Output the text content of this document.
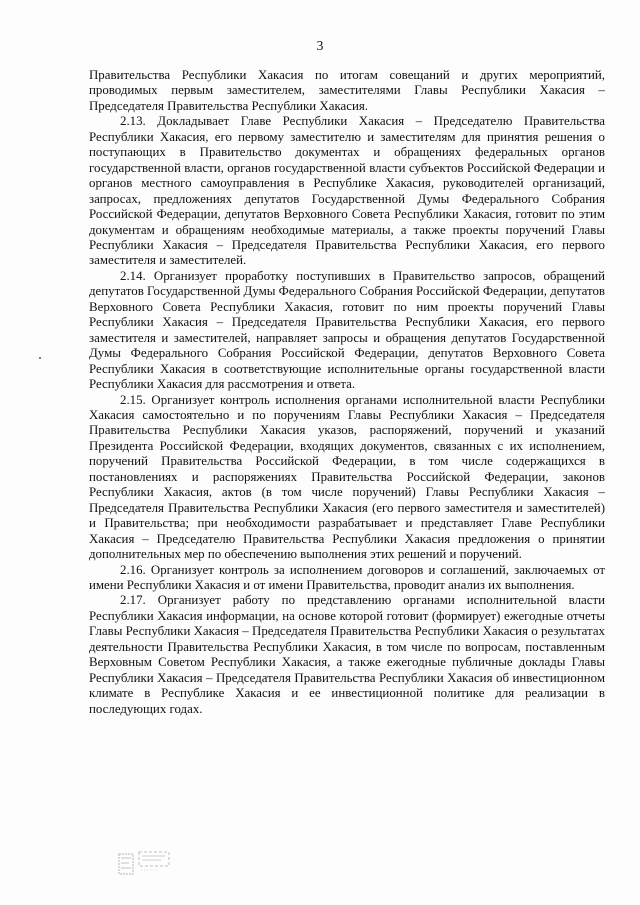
3

Правительства Республики Хакасия по итогам совещаний и других мероприятий, проводимых первым заместителем, заместителями Главы Республики Хакасия – Председателя Правительства Республики Хакасия.

2.13. Докладывает Главе Республики Хакасия – Председателю Правительства Республики Хакасия, его первому заместителю и заместителям для принятия решения о поступающих в Правительство документах и обращениях федеральных органов государственной власти, органов государственной власти субъектов Российской Федерации и органов местного самоуправления в Республике Хакасия, руководителей организаций, запросах, предложениях депутатов Государственной Думы Федерального Собрания Российской Федерации, депутатов Верховного Совета Республики Хакасия, готовит по этим документам и обращениям необходимые материалы, а также проекты поручений Главы Республики Хакасия – Председателя Правительства Республики Хакасия, его первого заместителя и заместителей.

2.14. Организует проработку поступивших в Правительство запросов, обращений депутатов Государственной Думы Федерального Собрания Российской Федерации, депутатов Верховного Совета Республики Хакасия, готовит по ним проекты поручений Главы Республики Хакасия – Председателя Правительства Республики Хакасия, его первого заместителя и заместителей, направляет запросы и обращения депутатов Государственной Думы Федерального Собрания Российской Федерации, депутатов Верховного Совета Республики Хакасия в соответствующие исполнительные органы государственной власти Республики Хакасия для рассмотрения и ответа.

2.15. Организует контроль исполнения органами исполнительной власти Республики Хакасия самостоятельно и по поручениям Главы Республики Хакасия – Председателя Правительства Республики Хакасия указов, распоряжений, поручений и указаний Президента Российской Федерации, входящих документов, связанных с их исполнением, поручений Правительства Российской Федерации, в том числе содержащихся в постановлениях и распоряжениях Правительства Российской Федерации, законов Республики Хакасия, актов (в том числе поручений) Главы Республики Хакасия – Председателя Правительства Республики Хакасия (его первого заместителя и заместителей) и Правительства; при необходимости разрабатывает и представляет Главе Республики Хакасия – Председателю Правительства Республики Хакасия предложения о принятии дополнительных мер по обеспечению выполнения этих решений и поручений.

2.16. Организует контроль за исполнением договоров и соглашений, заключаемых от имени Республики Хакасия и от имени Правительства, проводит анализ их выполнения.

2.17. Организует работу по представлению органами исполнительной власти Республики Хакасия информации, на основе которой готовит (формирует) ежегодные отчеты Главы Республики Хакасия – Председателя Правительства Республики Хакасия о результатах деятельности Правительства Республики Хакасия, в том числе по вопросам, поставленным Верховным Советом Республики Хакасия, а также ежегодные публичные доклады Главы Республики Хакасия – Председателя Правительства Республики Хакасия об инвестиционном климате в Республике Хакасия и ее инвестиционной политике для реализации в последующих годах.
